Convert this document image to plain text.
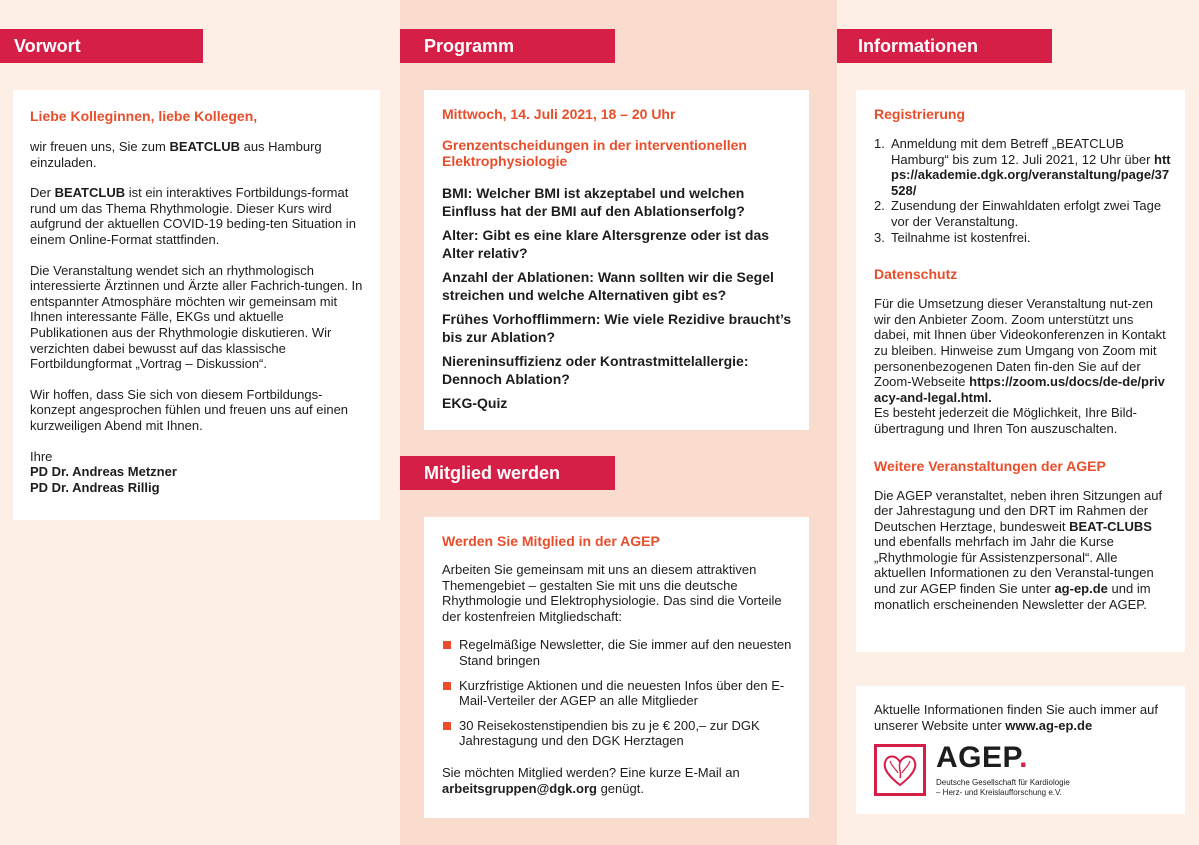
Vorwort

Liebe Kolleginnen, liebe Kollegen,

wir freuen uns, Sie zum BEATCLUB aus Hamburg einzuladen.

Der BEATCLUB ist ein interaktives Fortbildungs-format rund um das Thema Rhythmologie. Dieser Kurs wird aufgrund der aktuellen COVID-19 beding-ten Situation in einem Online-Format stattfinden.

Die Veranstaltung wendet sich an rhythmologisch interessierte Ärztinnen und Ärzte aller Fachrich-tungen. In entspannter Atmosphäre möchten wir gemeinsam mit Ihnen interessante Fälle, EKGs und aktuelle Publikationen aus der Rhythmologie diskutieren. Wir verzichten dabei bewusst auf das klassische Fortbildungformat „Vortrag – Diskussion“.

Wir hoffen, dass Sie sich von diesem Fortbildungs-konzept angesprochen fühlen und freuen uns auf einen kurzweiligen Abend mit Ihnen.

Ihre

PD Dr. Andreas Metzner

PD Dr. Andreas Rillig

Programm

Mittwoch, 14. Juli 2021, 18 – 20 Uhr

Grenzentscheidungen in der interventionellen Elektrophysiologie

BMI: Welcher BMI ist akzeptabel und welchen Einfluss hat der BMI auf den Ablationserfolg?

Alter: Gibt es eine klare Altersgrenze oder ist das Alter relativ?

Anzahl der Ablationen: Wann sollten wir die Segel streichen und welche Alternativen gibt es?

Frühes Vorhofflimmern: Wie viele Rezidive braucht’s bis zur Ablation?

Niereninsuffizienz oder Kontrastmittelallergie: Dennoch Ablation?

EKG-Quiz

Mitglied werden

Werden Sie Mitglied in der AGEP

Arbeiten Sie gemeinsam mit uns an diesem attraktiven Themengebiet – gestalten Sie mit uns die deutsche Rhythmologie und Elektrophysiologie. Das sind die Vorteile der kostenfreien Mitgliedschaft:

Regelmäßige Newsletter, die Sie immer auf den neuesten Stand bringen
Kurzfristige Aktionen und die neuesten Infos über den E-Mail-Verteiler der AGEP an alle Mitglieder
30 Reisekostenstipendien bis zu je € 200,– zur DGK Jahrestagung und den DGK Herztagen

Sie möchten Mitglied werden? Eine kurze E-Mail an arbeitsgruppen@dgk.org genügt.

Informationen

Registrierung

1. Anmeldung mit dem Betreff „BEATCLUB Hamburg“ bis zum 12. Juli 2021, 12 Uhr über https://akademie.dgk.org/veranstaltung/page/37528/
2. Zusendung der Einwahldaten erfolgt zwei Tage vor der Veranstaltung.
3. Teilnahme ist kostenfrei.

Datenschutz

Für die Umsetzung dieser Veranstaltung nut-zen wir den Anbieter Zoom. Zoom unterstützt uns dabei, mit Ihnen über Videokonferenzen in Kontakt zu bleiben. Hinweise zum Umgang von Zoom mit personenbezogenen Daten fin-den Sie auf der Zoom-Webseite https://zoom.us/docs/de-de/privacy-and-legal.html.
Es besteht jederzeit die Möglichkeit, Ihre Bild-übertragung und Ihren Ton auszuschalten.

Weitere Veranstaltungen der AGEP

Die AGEP veranstaltet, neben ihren Sitzungen auf der Jahrestagung und den DRT im Rahmen der Deutschen Herztage, bundesweit BEAT-CLUBS und ebenfalls mehrfach im Jahr die Kurse „Rhythmologie für Assistenzpersonal“. Alle aktuellen Informationen zu den Veranstal-tungen und zur AGEP finden Sie unter ag-ep.de und im monatlich erscheinenden Newsletter der AGEP.

Aktuelle Informationen finden Sie auch immer auf unserer Website unter www.ag-ep.de

AGEP.
Deutsche Gesellschaft für Kardiologie
– Herz- und Kreislaufforschung e.V.
